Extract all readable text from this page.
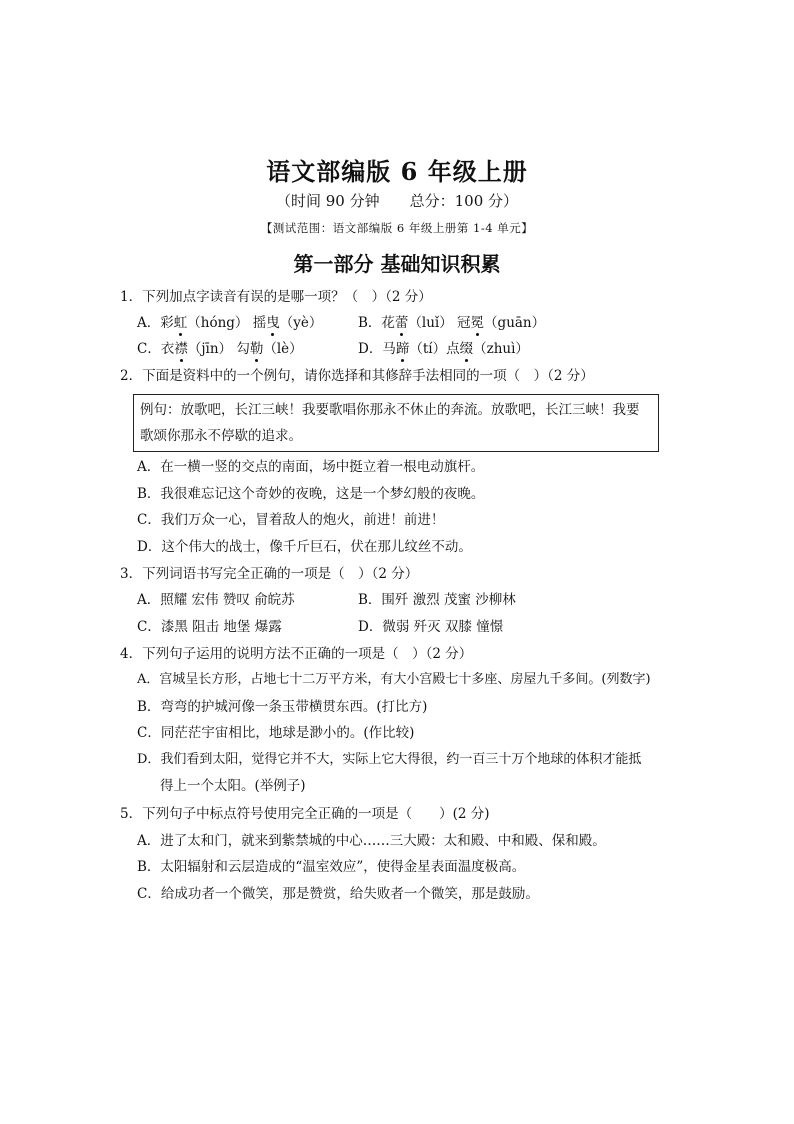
语文部编版 6 年级上册
（时间 90 分钟　　总分：100 分）
【测试范围：语文部编版 6 年级上册第 1-4 单元】
第一部分 基础知识积累
1．下列加点字读音有误的是哪一项？（　）（2 分）
A．彩虹（hóng） 摇曳（yè）	B．花蕾（luǐ） 冠冕（guān）
C．衣襟（jīn） 勾勒（lè）	D．马蹄（tí）点缀（zhuì）
2．下面是资料中的一个例句，请你选择和其修辞手法相同的一项（　）（2 分）
例句：放歌吧，长江三峡！我要歌唱你那永不休止的奔流。放歌吧，长江三峡！我要
歌颂你那永不停歇的追求。
A．在一横一竖的交点的南面，场中挺立着一根电动旗杆。
B．我很难忘记这个奇妙的夜晚，这是一个梦幻般的夜晚。
C．我们万众一心，冒着敌人的炮火，前进！前进！
D．这个伟大的战士，像千斤巨石，伏在那儿纹丝不动。
3．下列词语书写完全正确的一项是（　）（2 分）
A．照耀 宏伟 赞叹 俞皖苏	B．围歼 激烈 茂蜜 沙柳林
C．漆黑 阻击 地堡 爆露	D．微弱 歼灭 双膝 憧憬
4．下列句子运用的说明方法不正确的一项是（　）（2 分）
A．宫城呈长方形，占地七十二万平方米，有大小宫殿七十多座、房屋九千多间。(列数字)
B．弯弯的护城河像一条玉带横贯东西。(打比方)
C．同茫茫宇宙相比，地球是渺小的。(作比较)
D．我们看到太阳，觉得它并不大，实际上它大得很，约一百三十万个地球的体积才能抵
得上一个太阳。(举例子)
5．下列句子中标点符号使用完全正确的一项是（　　）(2 分)
A．进了太和门，就来到紫禁城的中心……三大殿：太和殿、中和殿、保和殿。
B．太阳辐射和云层造成的“温室效应”，使得金星表面温度极高。
C．给成功者一个微笑，那是赞赏，给失败者一个微笑，那是鼓励。
